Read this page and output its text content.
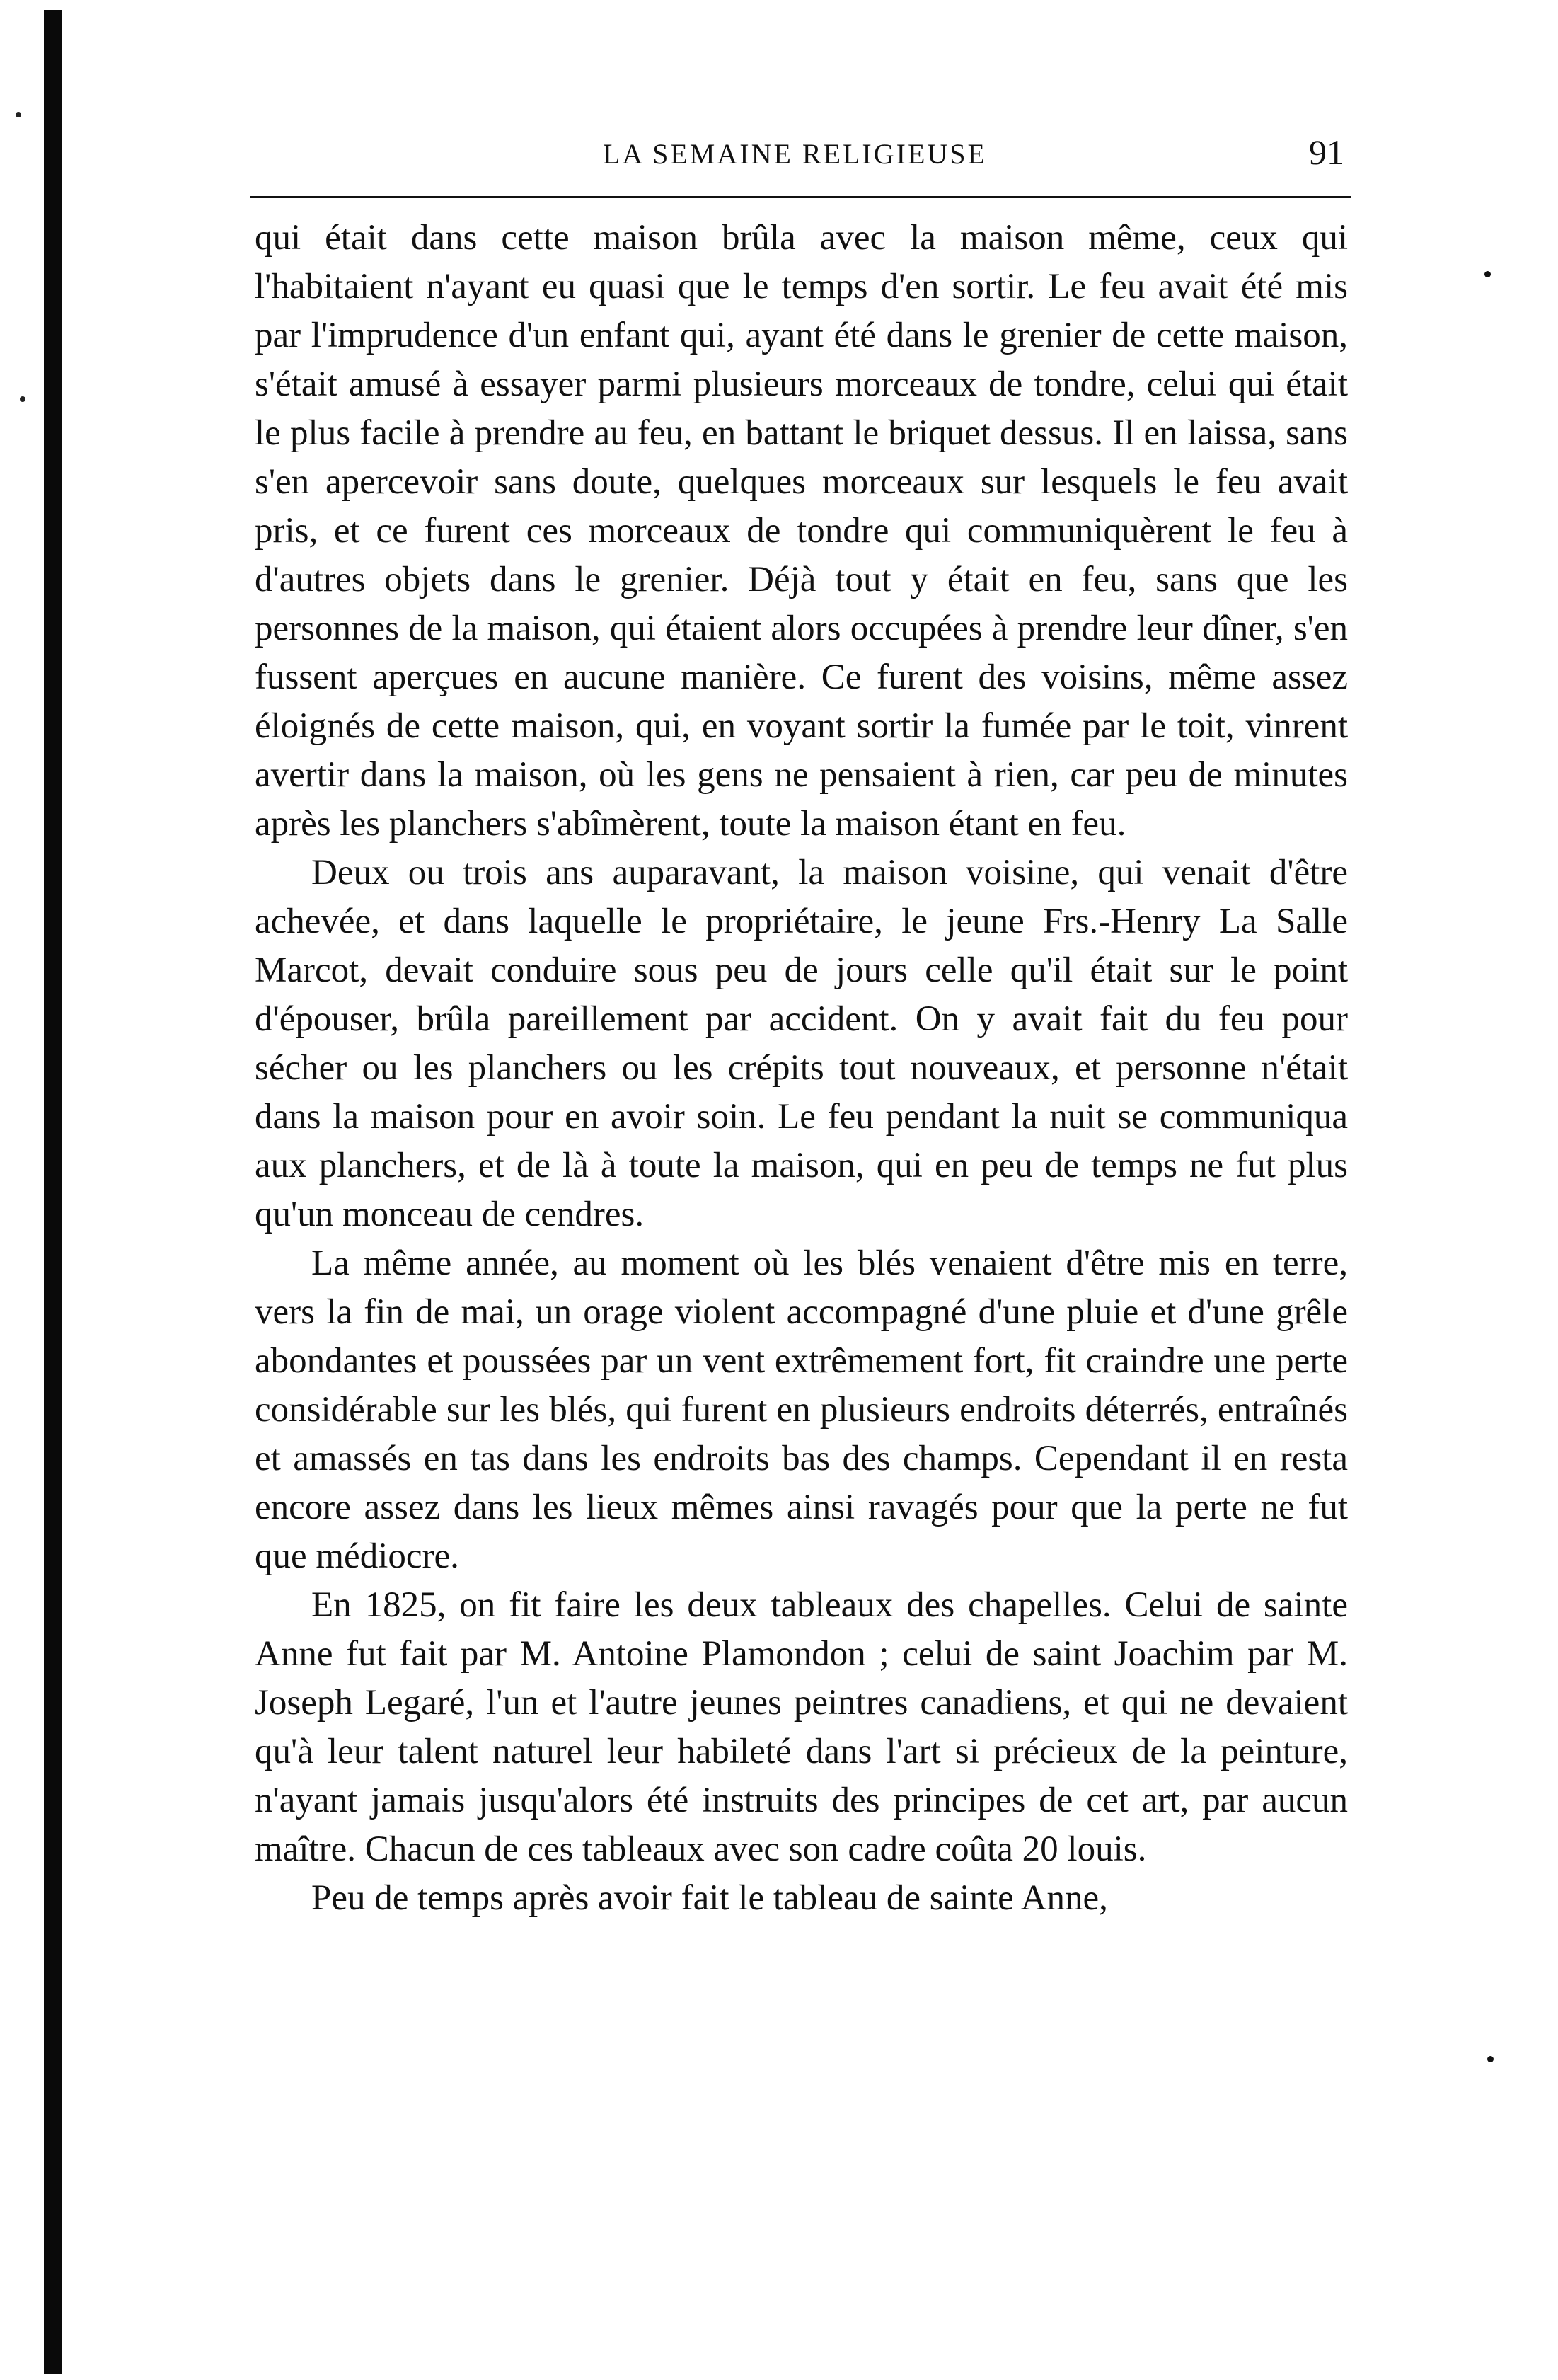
LA SEMAINE RELIGIEUSE	91

qui était dans cette maison brûla avec la maison même, ceux qui l'habitaient n'ayant eu quasi que le temps d'en sortir. Le feu avait été mis par l'imprudence d'un enfant qui, ayant été dans le grenier de cette maison, s'était amusé à essayer parmi plusieurs morceaux de tondre, celui qui était le plus facile à prendre au feu, en battant le briquet dessus. Il en laissa, sans s'en apercevoir sans doute, quelques morceaux sur lesquels le feu avait pris, et ce furent ces morceaux de tondre qui communiquèrent le feu à d'autres objets dans le grenier. Déjà tout y était en feu, sans que les personnes de la maison, qui étaient alors occupées à prendre leur dîner, s'en fussent aperçues en aucune manière. Ce furent des voisins, même assez éloignés de cette maison, qui, en voyant sortir la fumée par le toit, vinrent avertir dans la maison, où les gens ne pensaient à rien, car peu de minutes après les planchers s'abîmèrent, toute la maison étant en feu.

Deux ou trois ans auparavant, la maison voisine, qui venait d'être achevée, et dans laquelle le propriétaire, le jeune Frs.-Henry La Salle Marcot, devait conduire sous peu de jours celle qu'il était sur le point d'épouser, brûla pareillement par accident. On y avait fait du feu pour sécher ou les planchers ou les crépits tout nouveaux, et personne n'était dans la maison pour en avoir soin. Le feu pendant la nuit se communiqua aux planchers, et de là à toute la maison, qui en peu de temps ne fut plus qu'un monceau de cendres.

La même année, au moment où les blés venaient d'être mis en terre, vers la fin de mai, un orage violent accompagné d'une pluie et d'une grêle abondantes et poussées par un vent extrêmement fort, fit craindre une perte considérable sur les blés, qui furent en plusieurs endroits déterrés, entraînés et amassés en tas dans les endroits bas des champs. Cependant il en resta encore assez dans les lieux mêmes ainsi ravagés pour que la perte ne fut que médiocre.

En 1825, on fit faire les deux tableaux des chapelles. Celui de sainte Anne fut fait par M. Antoine Plamondon ; celui de saint Joachim par M. Joseph Legaré, l'un et l'autre jeunes peintres canadiens, et qui ne devaient qu'à leur talent naturel leur habileté dans l'art si précieux de la peinture, n'ayant jamais jusqu'alors été instruits des principes de cet art, par aucun maître. Chacun de ces tableaux avec son cadre coûta 20 louis.

Peu de temps après avoir fait le tableau de sainte Anne,
